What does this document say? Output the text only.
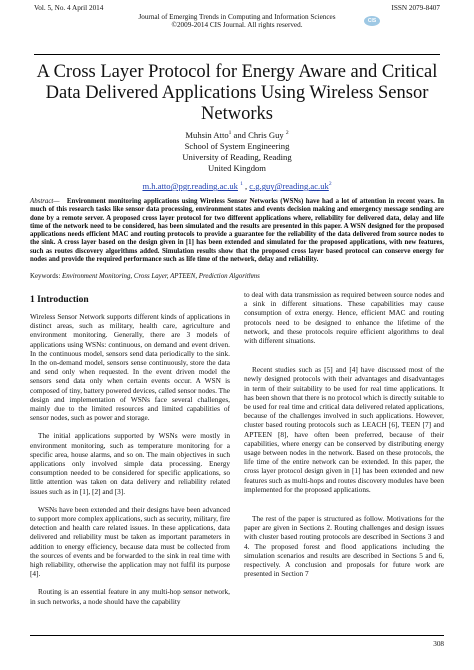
Vol. 5, No. 4 April 2014	ISSN 2079-8407
Journal of Emerging Trends in Computing and Information Sciences
©2009-2014 CIS Journal. All rights reserved.	CIS
A Cross Layer Protocol for Energy Aware and Critical Data Delivered Applications Using Wireless Sensor Networks
Muhsin Atto$^1$ and Chris Guy $^2$
School of System Engineering
University of Reading, Reading
United Kingdom
m.h.atto@pgr.reading.ac.uk $^1$ , $c.g.guy@reading.ac.uk^2$
Abstract— Environment monitoring applications using Wireless Sensor Networks (WSNs) have had a lot of attention in recent years. In much of this research tasks like sensor data processing, environment states and events decision making and emergency message sending are done by a remote server. A proposed cross layer protocol for two different applications where, reliability for delivered data, delay and life time of the network need to be considered, has been simulated and the results are presented in this paper. A WSN designed for the proposed applications needs efficient MAC and routing protocols to provide a guarantee for the reliability of the data delivered from source nodes to the sink. A cross layer based on the design given in [1] has been extended and simulated for the proposed applications, with new features, such as routes discovery algorithms added. Simulation results show that the proposed cross layer based protocol can conserve energy for nodes and provide the required performance such as life time of the network, delay and reliability.
Keywords: Environment Monitoring, Cross Layer, APTEEN, Prediction Algorithms
1 Introduction

Wireless Sensor Network supports different kinds of applications in distinct areas, such as military, health care, agriculture and environment monitoring. Generally, there are 3 models of applications using WSNs: continuous, on demand and event driven. In the continuous model, sensors send data periodically to the sink. In the on-demand model, sensors sense continuously, store the data and send only when requested. In the event driven model the sensors send data only when certain events occur. A WSN is composed of tiny, battery powered devices, called sensor nodes. The design and implementation of WSNs face several challenges, mainly due to the limited resources and limited capabilities of sensor nodes, such as power and storage.

The initial applications supported by WSNs were mostly in environment monitoring, such as temperature monitoring for a specific area, house alarms, and so on. The main objectives in such applications only involved simple data processing. Energy consumption needed to be considered for specific applications, so little attention was taken on data delivery and reliability related issues such as in [1], [2] and [3].

WSNs have been extended and their designs have been advanced to support more complex applications, such as security, military, fire detection and health care related issues. In these applications, data delivered and reliability must be taken as important parameters in addition to energy efficiency, because data must be collected from the sources of events and be forwarded to the sink in real time with high reliability, otherwise the application may not fulfil its purpose [4].

Routing is an essential feature in any multi-hop sensor network, in such networks, a node should have the capability

to deal with data transmission as required between source nodes and a sink in different situations. These capabilities may cause consumption of extra energy. Hence, efficient MAC and routing protocols need to be designed to enhance the lifetime of the network, and these protocols require efficient algorithms to deal with different situations.

Recent studies such as [5] and [4] have discussed most of the newly designed protocols with their advantages and disadvantages in term of their suitability to be used for real time applications. It has been shown that there is no protocol which is directly suitable to be used for real time and critical data delivered related applications, because of the challenges involved in such applications. However, cluster based routing protocols such as LEACH [6], TEEN [7] and APTEEN [8], have often been preferred, because of their capabilities, where energy can be conserved by distributing energy usage between nodes in the network. Based on these protocols, the life time of the entire network can be extended. In this paper, the cross layer protocol design given in [1] has been extended and new features such as multi-hops and routes discovery modules have been implemented for the proposed applications.

The rest of the paper is structured as follow. Motivations for the paper are given in Sections 2. Routing challenges and design issues with cluster based routing protocols are described in Sections 3 and 4. The proposed forest and flood applications including the simulation scenarios and results are described in Sections 5 and 6, respectively. A conclusion and proposals for future work are presented in Section 7

308
